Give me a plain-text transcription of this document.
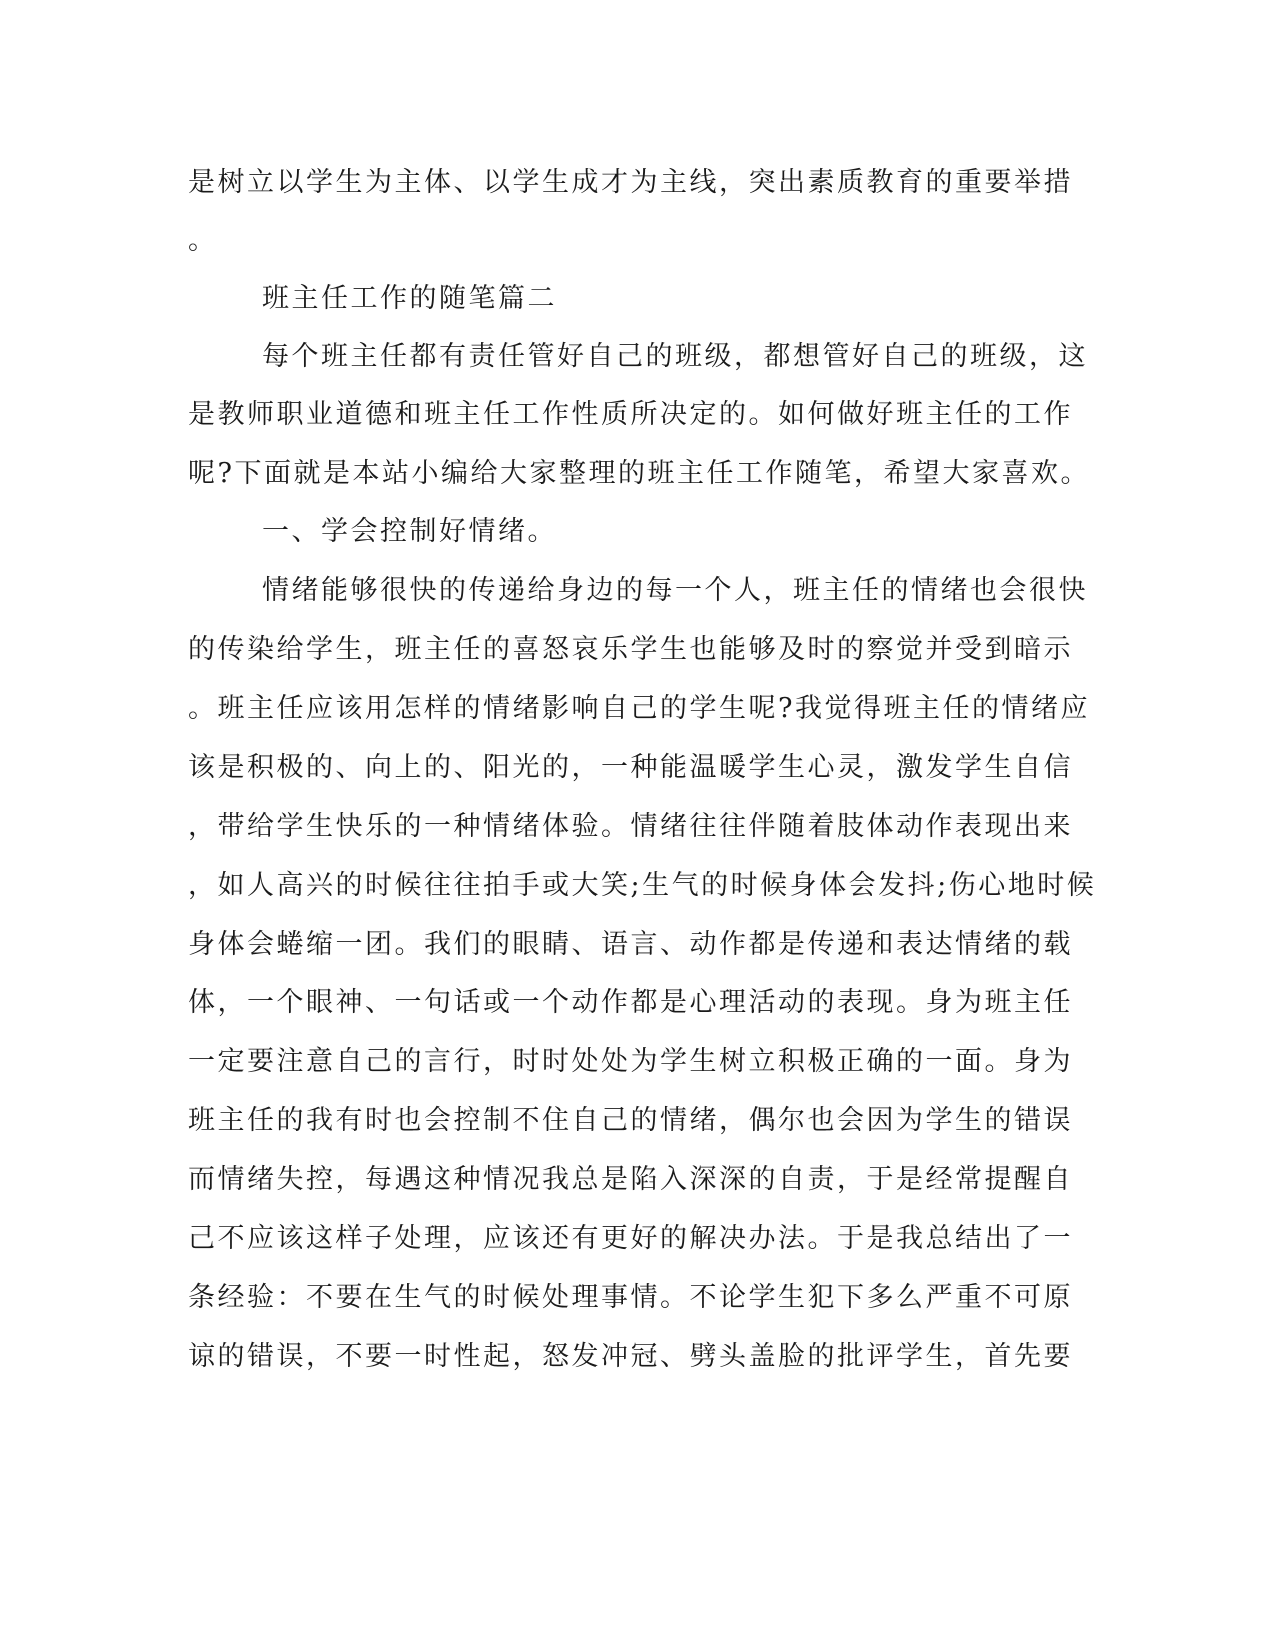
是树立以学生为主体、以学生成才为主线，突出素质教育的重要举措
。
班主任工作的随笔篇二
每个班主任都有责任管好自己的班级，都想管好自己的班级，这
是教师职业道德和班主任工作性质所决定的。如何做好班主任的工作
呢?下面就是本站小编给大家整理的班主任工作随笔，希望大家喜欢。
一、学会控制好情绪。
情绪能够很快的传递给身边的每一个人，班主任的情绪也会很快
的传染给学生，班主任的喜怒哀乐学生也能够及时的察觉并受到暗示
。班主任应该用怎样的情绪影响自己的学生呢?我觉得班主任的情绪应
该是积极的、向上的、阳光的，一种能温暖学生心灵，激发学生自信
，带给学生快乐的一种情绪体验。情绪往往伴随着肢体动作表现出来
，如人高兴的时候往往拍手或大笑;生气的时候身体会发抖;伤心地时候
身体会蜷缩一团。我们的眼睛、语言、动作都是传递和表达情绪的载
体，一个眼神、一句话或一个动作都是心理活动的表现。身为班主任
一定要注意自己的言行，时时处处为学生树立积极正确的一面。身为
班主任的我有时也会控制不住自己的情绪，偶尔也会因为学生的错误
而情绪失控，每遇这种情况我总是陷入深深的自责，于是经常提醒自
己不应该这样子处理，应该还有更好的解决办法。于是我总结出了一
条经验：不要在生气的时候处理事情。不论学生犯下多么严重不可原
谅的错误，不要一时性起，怒发冲冠、劈头盖脸的批评学生，首先要
